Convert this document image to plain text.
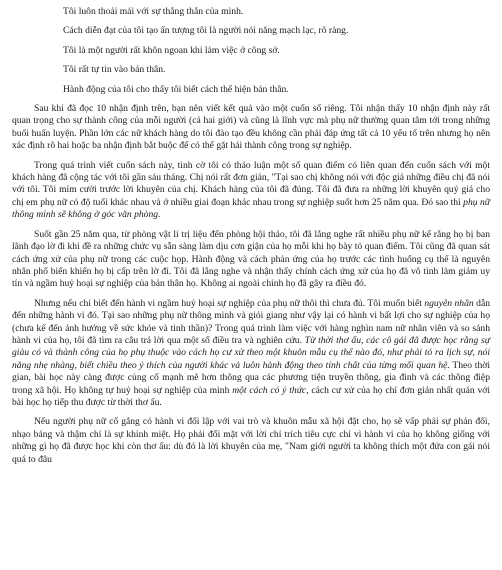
Tôi luôn thoải mái với sự thẳng thắn của mình.
Cách diễn đạt của tôi tạo ấn tượng tôi là người nói năng mạch lạc, rõ ràng.
Tôi là một người rất khôn ngoan khi làm việc ở công sở.
Tôi rất tự tin vào bản thân.
Hành động của tôi cho thấy tôi biết cách thể hiện bản thân.

Sau khi đã đọc 10 nhận định trên, bạn nên viết kết quả vào một cuốn sổ riêng. Tôi nhận thấy 10 nhận định này rất quan trọng cho sự thành công của mỗi người (cả hai giới) và cũng là lĩnh vực mà phụ nữ thường quan tâm tới trong những buổi huấn luyện. Phần lớn các nữ khách hàng do tôi đào tạo đều không cần phải đáp ứng tất cả 10 yếu tố trên nhưng họ nên xác định rõ hai hoặc ba nhận định bắt buộc để có thể gặt hái thành công trong sự nghiệp.

Trong quá trình viết cuốn sách này, tình cờ tôi có thảo luận một số quan điểm có liên quan đến cuốn sách với một khách hàng đã cộng tác với tôi gần sáu tháng. Chị nói rất đơn giản, "Tại sao chị không nói với độc giả những điều chị đã nói với tôi. Tôi mỉm cười trước lời khuyên của chị. Khách hàng của tôi đã đúng. Tôi đã đưa ra những lời khuyên quý giá cho chị em phụ nữ có độ tuổi khác nhau và ở nhiều giai đoạn khác nhau trong sự nghiệp suốt hơn 25 năm qua. Đó sao thì phụ nữ thông minh sẽ không ở góc văn phòng.

Suốt gần 25 năm qua, từ phòng vật lí trị liệu đến phòng hội thảo, tôi đã lắng nghe rất nhiều phụ nữ kể rằng họ bị ban lãnh đạo lờ đi khi đề ra những chức vụ sẵn sàng làm dịu cơn giận của họ mỗi khi họ bày tỏ quan điểm. Tôi cũng đã quan sát cách ứng xử của phụ nữ trong các cuộc họp. Hành động và cách phản ứng của họ trước các tình huống cụ thể là nguyên nhân phổ biến khiến họ bị cấp trên lờ đi. Tôi đã lắng nghe và nhận thấy chính cách ứng xử của họ đã vô tình làm giảm uy tín và ngầm huỷ hoại sự nghiệp của bản thân họ. Không ai ngoài chính họ đã gây ra điều đó.

Nhưng nếu chỉ biết đến hành vi ngầm huỷ hoại sự nghiệp của phụ nữ thôi thì chưa đủ. Tôi muốn biết nguyên nhân dẫn đến những hành vi đó. Tại sao những phụ nữ thông minh và giỏi giang như vậy lại có hành vi bất lợi cho sự nghiệp của họ (chưa kể đến ảnh hưởng về sức khỏe và tinh thần)? Trong quá trình làm việc với hàng nghìn nam nữ nhân viên và so sánh hành vi của họ, tôi đã tìm ra câu trả lời qua một số điều tra và nghiên cứu. Từ thời thơ ấu, các cô gái đã được học rằng sự giàu có và thành công của họ phụ thuộc vào cách họ cư xử theo một khuôn mẫu cụ thể nào đó, như phải tỏ ra lịch sự, nói năng nhẹ nhàng, biết chiều theo ý thích của người khác và luôn hành động theo tính chất của từng mối quan hệ. Theo thời gian, bài học này càng được củng cố mạnh mẽ hơn thông qua các phương tiện truyền thông, gia đình và các thông điệp trong xã hội. Họ không tự huỷ hoại sự nghiệp của mình một cách có ý thức, cách cư xử của họ chỉ đơn giản nhất quán với bài học họ tiếp thu được từ thời thơ ấu.

Nếu người phụ nữ cố gắng có hành vi đối lập với vai trò và khuôn mẫu xã hội đặt cho, họ sẽ vấp phải sự phản đối, nhạo báng và thậm chí là sự khinh miệt. Họ phải đối mặt với lời chỉ trích tiêu cực chỉ vì hành vi của họ không giống với những gì họ đã được học khi còn thơ ấu: dù đó là lời khuyên của mẹ, "Nam giới người ta không thích một đứa con gái nói quá to đâu
